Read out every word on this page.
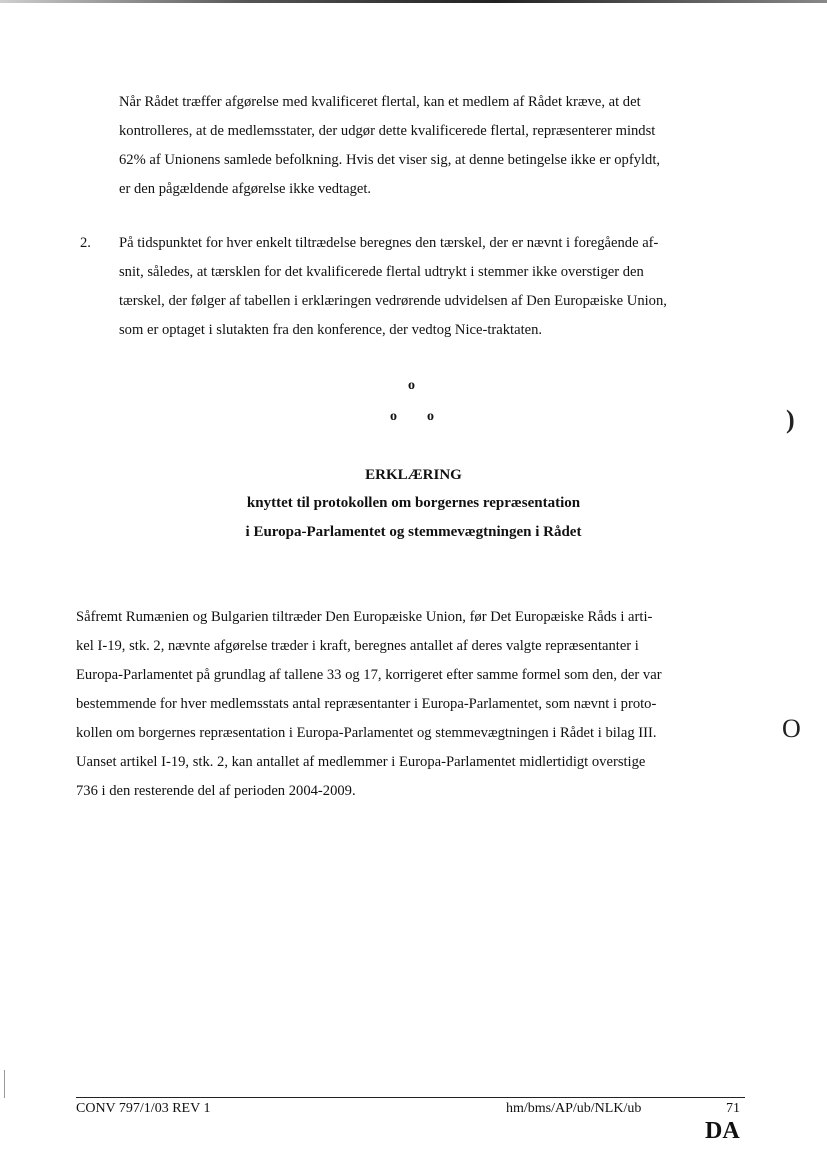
Når Rådet træffer afgørelse med kvalificeret flertal, kan et medlem af Rådet kræve, at det
kontrolleres, at de medlemsstater, der udgør dette kvalificerede flertal, repræsenterer mindst
62% af Unionens samlede befolkning. Hvis det viser sig, at denne betingelse ikke er opfyldt,
er den pågældende afgørelse ikke vedtaget.

2. På tidspunktet for hver enkelt tiltrædelse beregnes den tærskel, der er nævnt i foregående af-
snit, således, at tærsklen for det kvalificerede flertal udtrykt i stemmer ikke overstiger den
tærskel, der følger af tabellen i erklæringen vedrørende udvidelsen af Den Europæiske Union,
som er optaget i slutakten fra den konference, der vedtog Nice-traktaten.

o
o o
ERKLÆRING
knyttet til protokollen om borgernes repræsentation
i Europa-Parlamentet og stemmevægtningen i Rådet

Såfremt Rumænien og Bulgarien tiltræder Den Europæiske Union, før Det Europæiske Råds i arti-
kel I-19, stk. 2, nævnte afgørelse træder i kraft, beregnes antallet af deres valgte repræsentanter i
Europa-Parlamentet på grundlag af tallene 33 og 17, korrigeret efter samme formel som den, der var
bestemmende for hver medlemsstats antal repræsentanter i Europa-Parlamentet, som nævnt i proto-
kollen om borgernes repræsentation i Europa-Parlamentet og stemmevægtningen i Rådet i bilag III.
Uanset artikel I-19, stk. 2, kan antallet af medlemmer i Europa-Parlamentet midlertidigt overstige
736 i den resterende del af perioden 2004-2009.

)
O
CONV 797/1/03 REV 1	hm/bms/AP/ub/NLK/ub	71
DA
